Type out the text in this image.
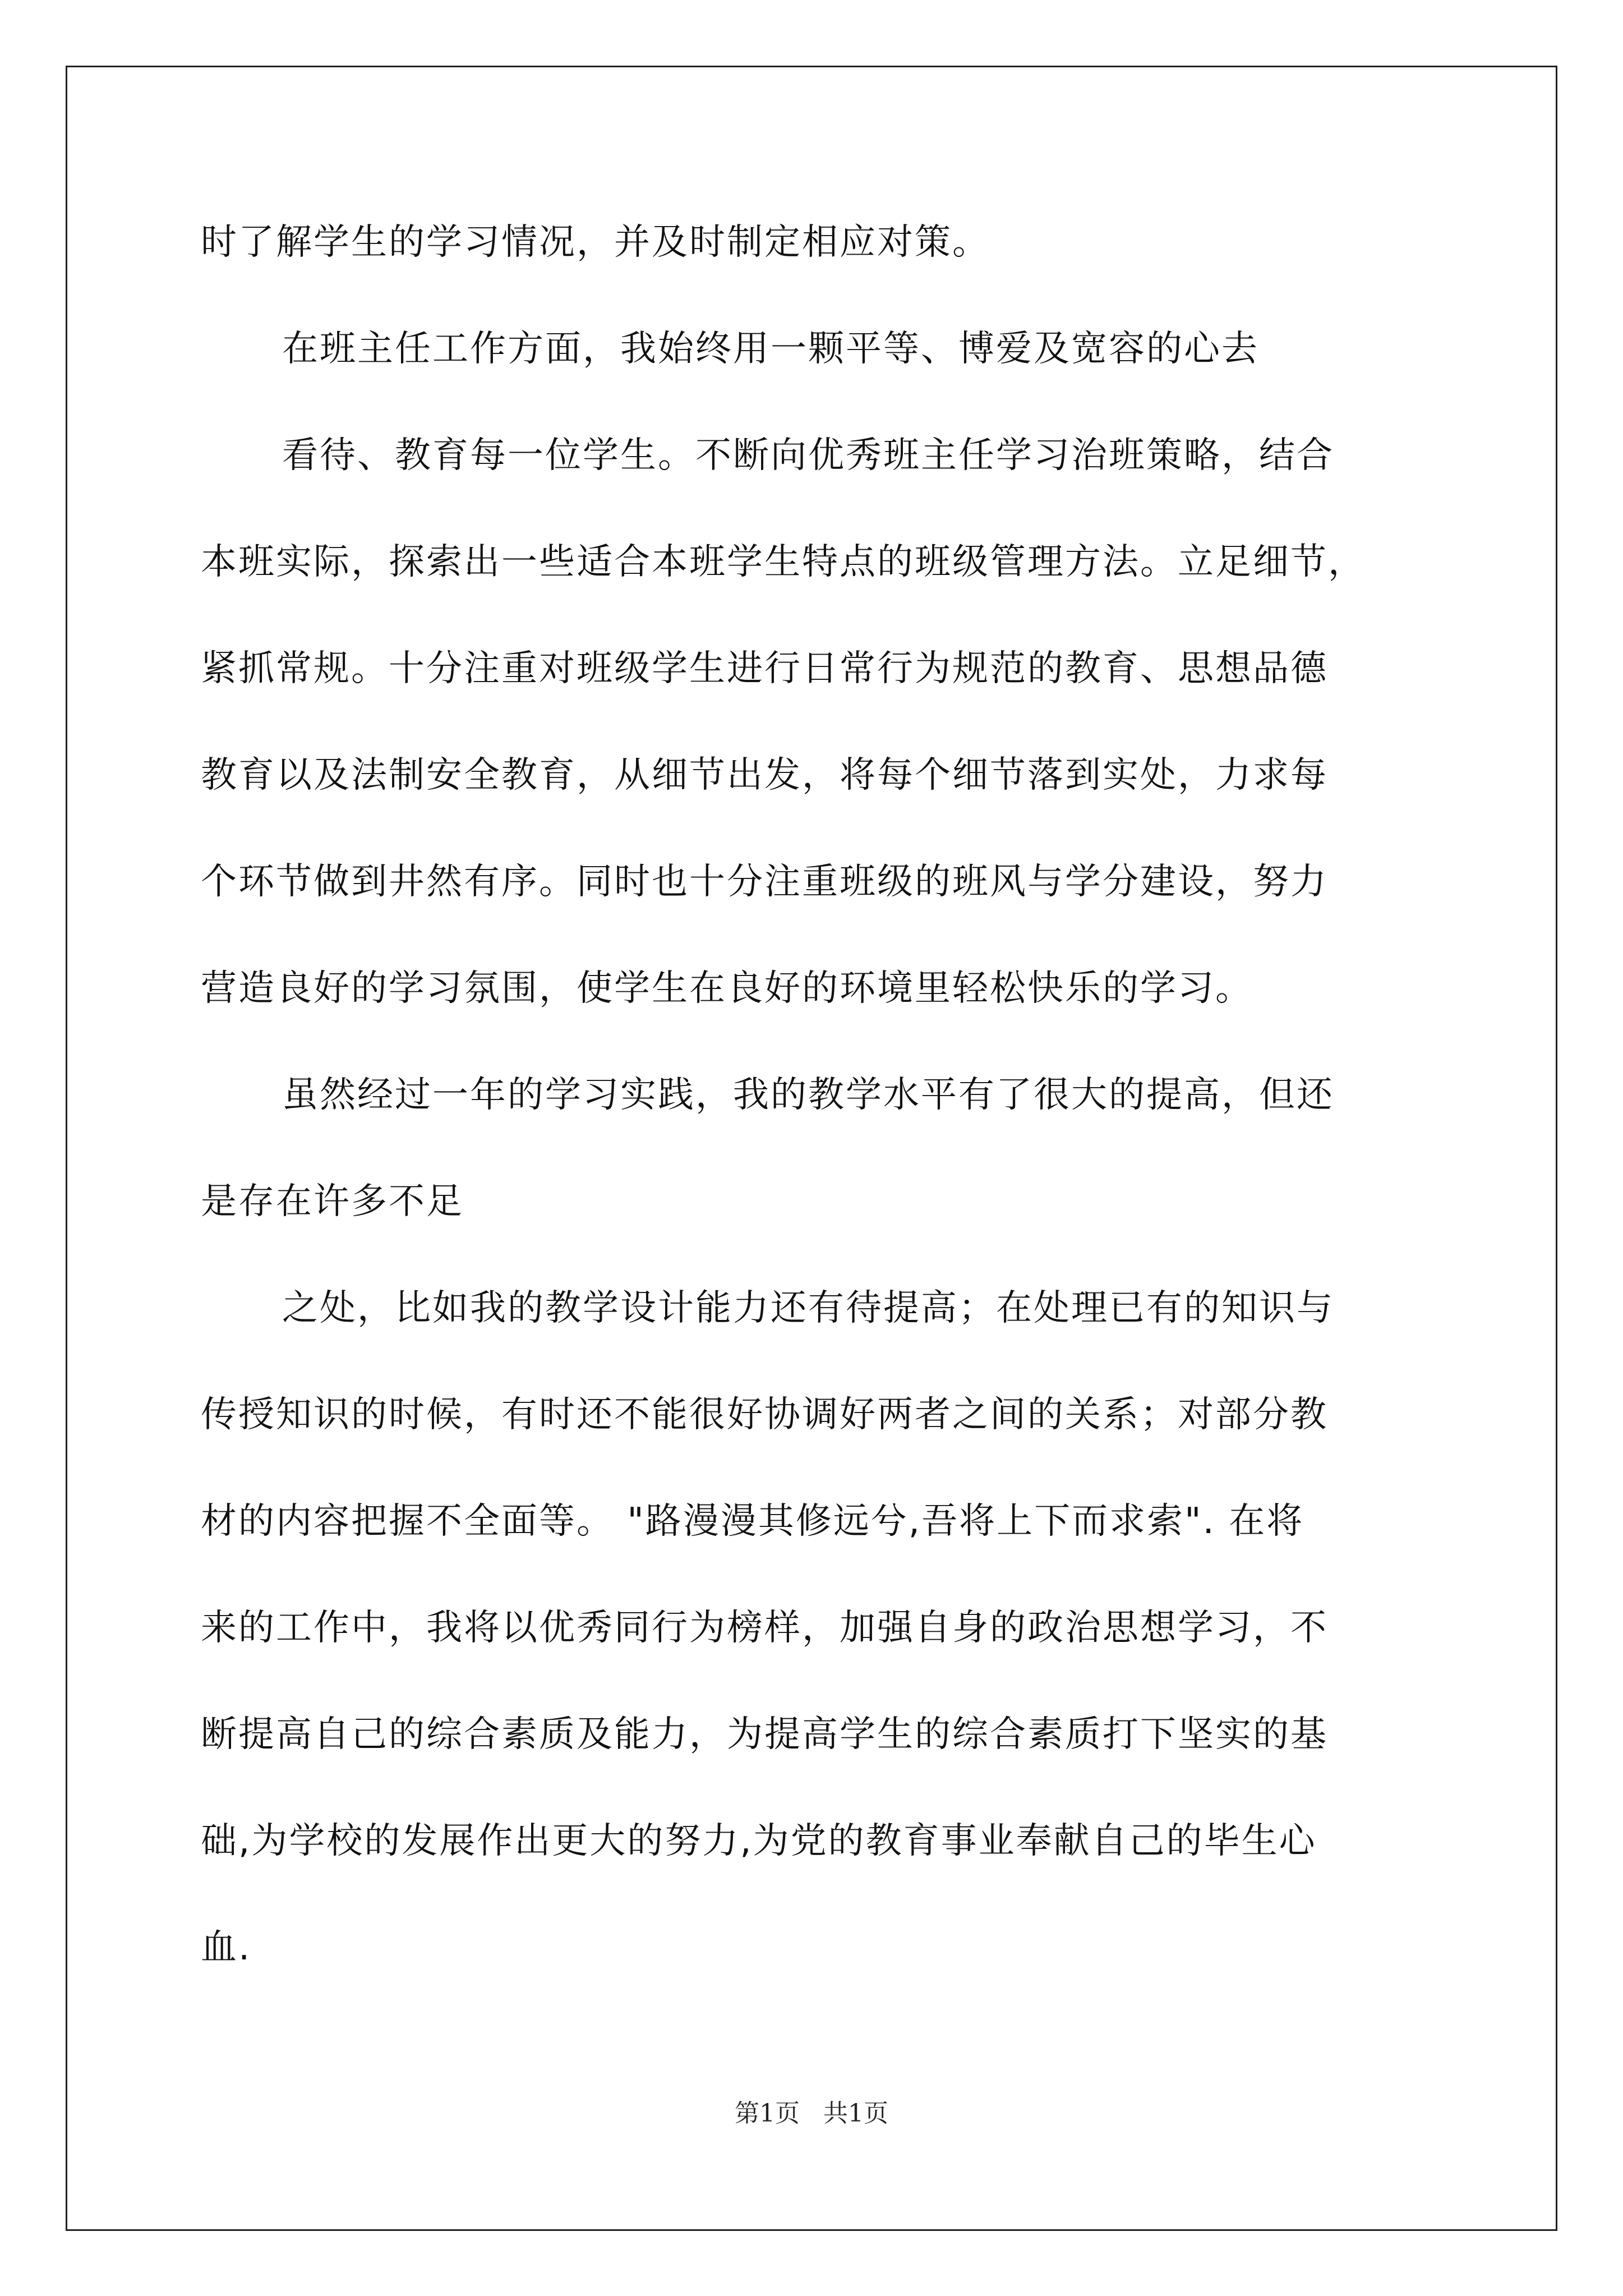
时了解学生的学习情况，并及时制定相应对策。
在班主任工作方面，我始终用一颗平等、博爱及宽容的心去
看待、教育每一位学生。不断向优秀班主任学习治班策略，结合
本班实际，探索出一些适合本班学生特点的班级管理方法。立足细节，
紧抓常规。十分注重对班级学生进行日常行为规范的教育、思想品德
教育以及法制安全教育，从细节出发，将每个细节落到实处，力求每
个环节做到井然有序。同时也十分注重班级的班风与学分建设，努力
营造良好的学习氛围，使学生在良好的环境里轻松快乐的学习。
虽然经过一年的学习实践，我的教学水平有了很大的提高，但还
是存在许多不足
之处，比如我的教学设计能力还有待提高；在处理已有的知识与
传授知识的时候，有时还不能很好协调好两者之间的关系；对部分教
材的内容把握不全面等。 "路漫漫其修远兮,吾将上下而求索". 在将
来的工作中，我将以优秀同行为榜样，加强自身的政治思想学习，不
断提高自己的综合素质及能力，为提高学生的综合素质打下坚实的基
础,为学校的发展作出更大的努力,为党的教育事业奉献自己的毕生心
血.
第1页 共1页
